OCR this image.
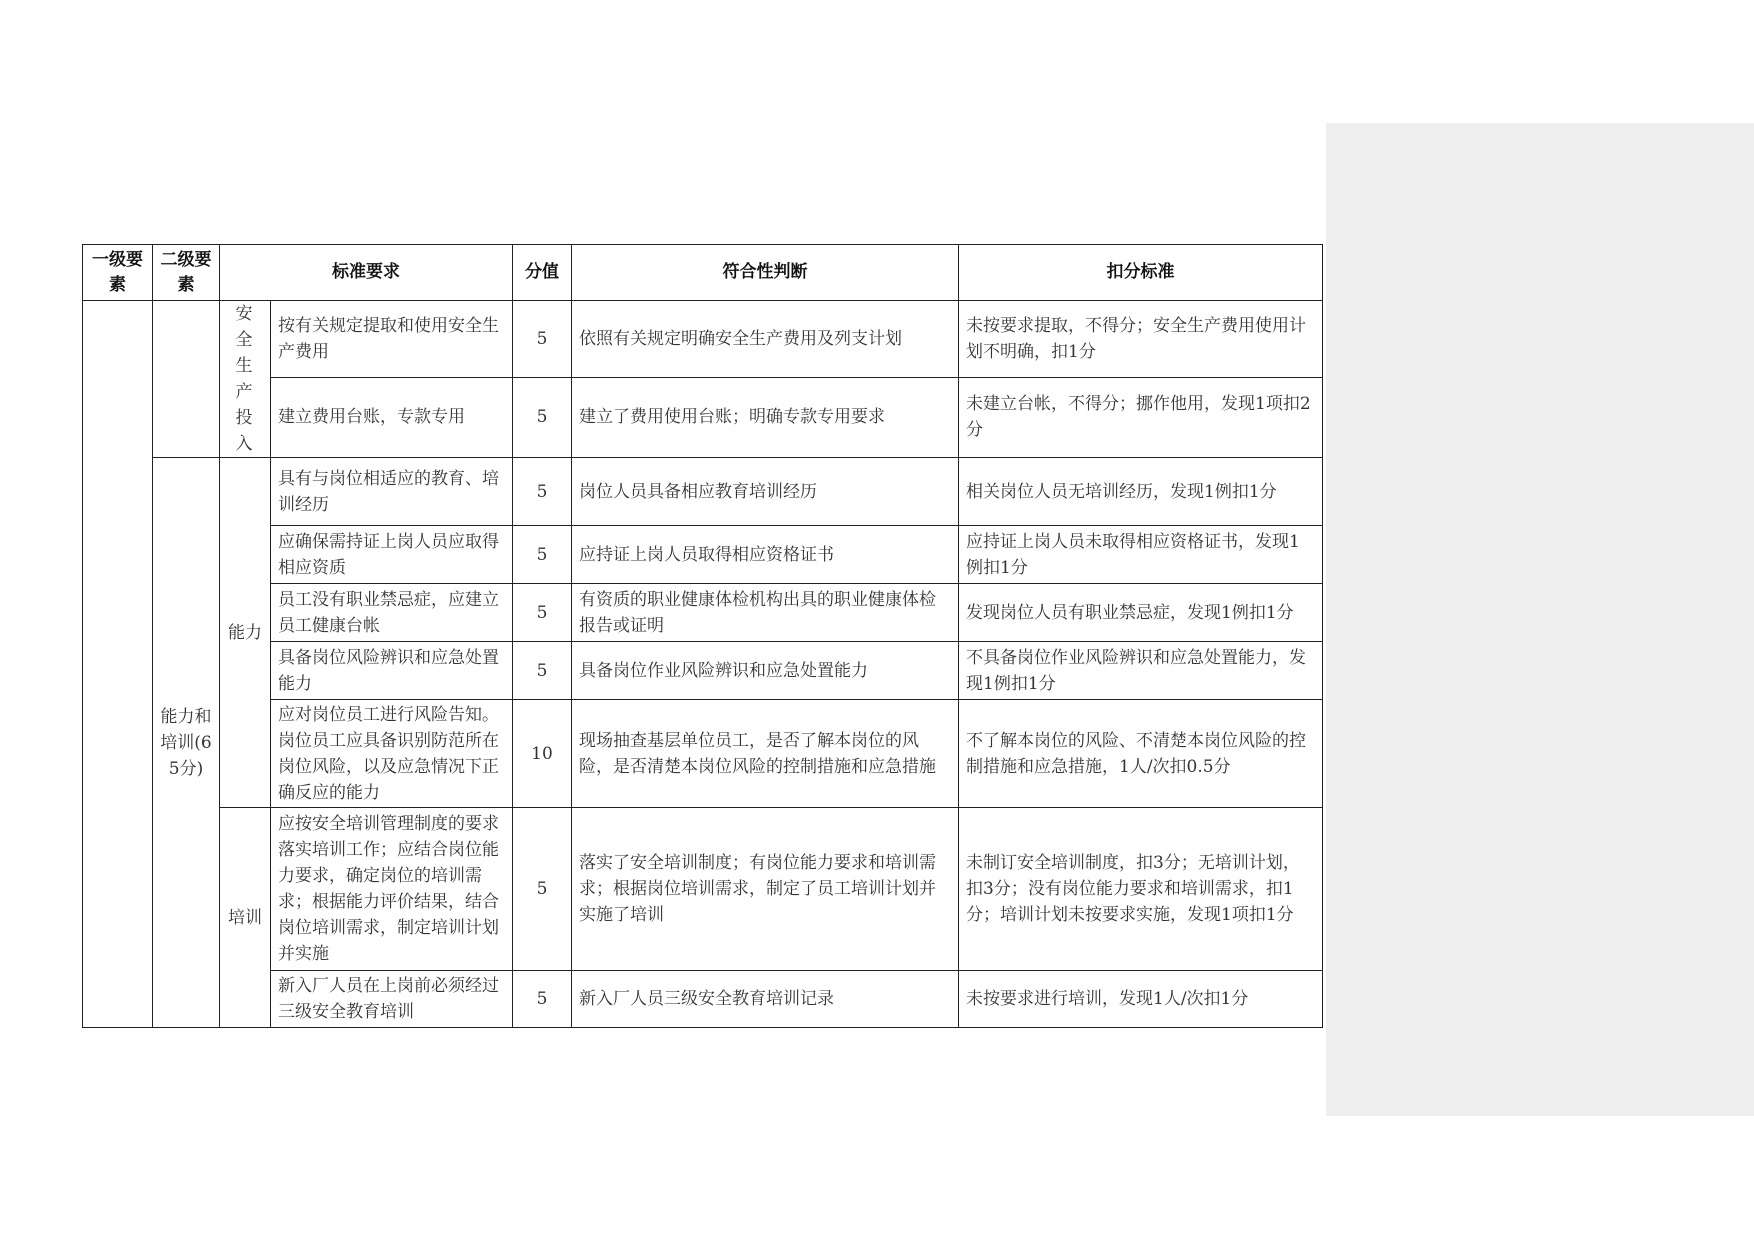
一级要素	二级要素	标准要求		分值	符合性判断	扣分标准
		安全生产投入	按有关规定提取和使用安全生产费用	5	依照有关规定明确安全生产费用及列支计划	未按要求提取，不得分；安全生产费用使用计划不明确，扣1分
			建立费用台账，专款专用	5	建立了费用使用台账；明确专款专用要求	未建立台帐，不得分；挪作他用，发现1项扣2分
	能力和培训(65分)	能力	具有与岗位相适应的教育、培训经历	5	岗位人员具备相应教育培训经历	相关岗位人员无培训经历，发现1例扣1分
			应确保需持证上岗人员应取得相应资质	5	应持证上岗人员取得相应资格证书	应持证上岗人员未取得相应资格证书，发现1例扣1分
			员工没有职业禁忌症，应建立员工健康台帐	5	有资质的职业健康体检机构出具的职业健康体检报告或证明	发现岗位人员有职业禁忌症，发现1例扣1分
			具备岗位风险辨识和应急处置能力	5	具备岗位作业风险辨识和应急处置能力	不具备岗位作业风险辨识和应急处置能力，发现1例扣1分
			应对岗位员工进行风险告知。岗位员工应具备识别防范所在岗位风险，以及应急情况下正确反应的能力	10	现场抽查基层单位员工，是否了解本岗位的风险，是否清楚本岗位风险的控制措施和应急措施	不了解本岗位的风险、不清楚本岗位风险的控制措施和应急措施，1人/次扣0.5分
		培训	应按安全培训管理制度的要求落实培训工作；应结合岗位能力要求，确定岗位的培训需求；根据能力评价结果，结合岗位培训需求，制定培训计划并实施	5	落实了安全培训制度；有岗位能力要求和培训需求；根据岗位培训需求，制定了员工培训计划并实施了培训	未制订安全培训制度，扣3分；无培训计划，扣3分；没有岗位能力要求和培训需求，扣1分；培训计划未按要求实施，发现1项扣1分
			新入厂人员在上岗前必须经过三级安全教育培训	5	新入厂人员三级安全教育培训记录	未按要求进行培训，发现1人/次扣1分
